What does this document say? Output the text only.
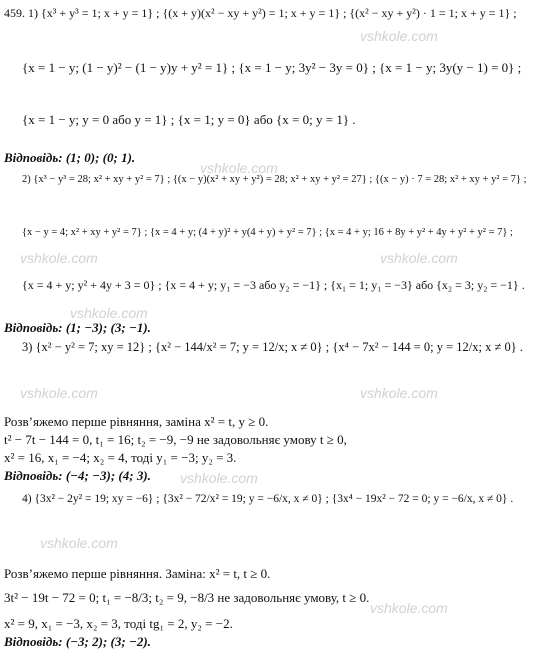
459. 1) {x³ + y³ = 1; x + y = 1} ; {(x + y)(x² − xy + y²) = 1; x + y = 1} ; {(x² − xy + y²) · 1 = 1; x + y = 1} ;
{x = 1 − y; (1 − y)² − (1 − y)y + y² = 1} ; {x = 1 − y; 3y² − 3y = 0} ; {x = 1 − y; 3y(y − 1) = 0} ;
{x = 1 − y; y = 0 або y = 1} ; {x = 1; y = 0} або {x = 0; y = 1} .
Відповідь: (1; 0); (0; 1).
2) {x³ − y³ = 28; x² + xy + y² = 7} ; {(x − y)(x² + xy + y²) = 28; x² + xy + y² = 27} ; {(x − y) · 7 = 28; x² + xy + y² = 7} ;
{x − y = 4; x² + xy + y² = 7} ; {x = 4 + y; (4 + y)² + y(4 + y) + y² = 7} ; {x = 4 + y; 16 + 8y + y² + 4y + y² + y² = 7} ;
{x = 4 + y; y² + 4y + 3 = 0} ; {x = 4 + y; y₁ = −3 або y₂ = −1} ; {x₁ = 1; y₁ = −3} або {x₂ = 3; y₂ = −1} .
Відповідь: (1; −3); (3; −1).
3) {x² − y² = 7; xy = 12} ; {x² − 144/x² = 7; y = 12/x; x ≠ 0} ; {x⁴ − 7x² − 144 = 0; y = 12/x; x ≠ 0} .
Розв’яжемо перше рівняння, заміна x² = t, y ≥ 0.
t² − 7t − 144 = 0, t₁ = 16; t₂ = −9, −9 не задовольняє умову t ≥ 0,
x² = 16, x₁ = −4; x₂ = 4, тоді y₁ = −3; y₂ = 3.
Відповідь: (−4; −3); (4; 3).
4) {3x² − 2y² = 19; xy = −6} ; {3x² − 72/x² = 19; y = −6/x, x ≠ 0} ; {3x⁴ − 19x² − 72 = 0; y = −6/x, x ≠ 0} .
Розв’яжемо перше рівняння. Заміна: x² = t, t ≥ 0.
3t² − 19t − 72 = 0; t₁ = −8/3; t₂ = 9, −8/3 не задовольняє умову, t ≥ 0.
x² = 9, x₁ = −3, x₂ = 3, тоді tg₁ = 2, y₂ = −2.
Відповідь: (−3; 2); (3; −2).
vshkole.com
vshkole.com
vshkole.com	vshkole.com
vshkole.com
vshkole.com	vshkole.com
vshkole.com
vshkole.com
vshkole.com
